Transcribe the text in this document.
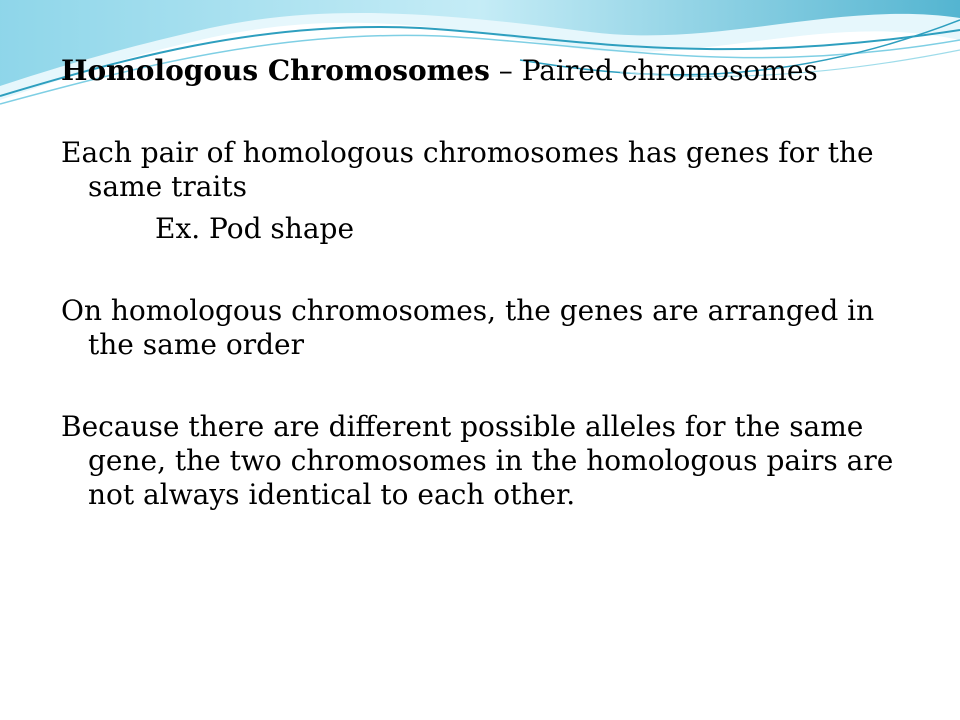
Homologous Chromosomes – Paired chromosomes

Each pair of homologous chromosomes has genes for the same traits

Ex. Pod shape

On homologous chromosomes, the genes are arranged in the same order

Because there are different possible alleles for the same gene, the two chromosomes in the homologous pairs are not always identical to each other.
